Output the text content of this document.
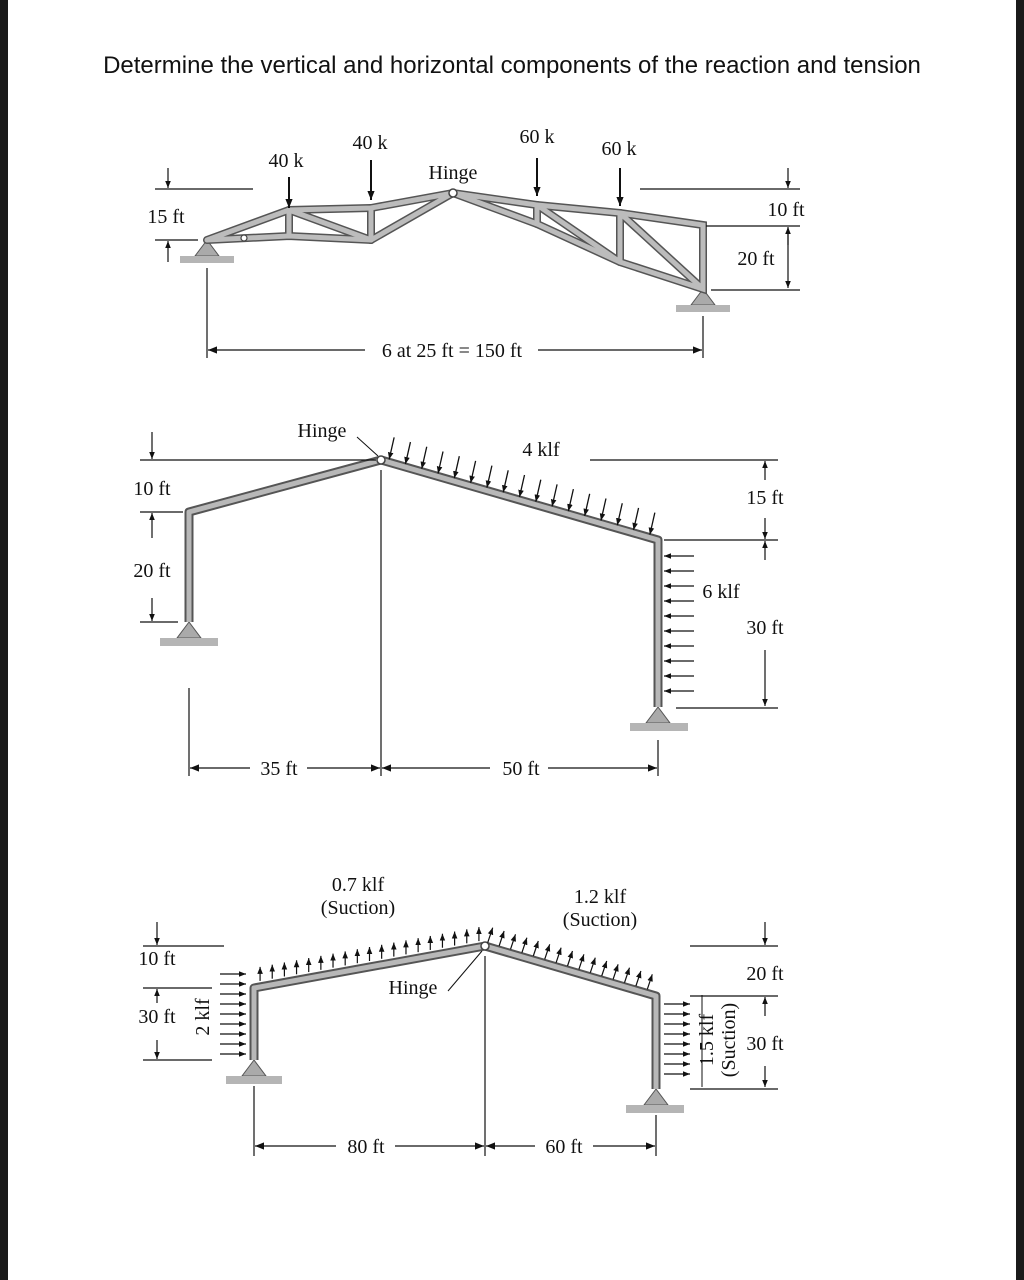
Determine the vertical and horizontal components of the reaction and tension
40 k
40 k	60 k
60 k
Hinge
15 ft	10 ft
20 ft
6 at 25 ft = 150 ft
Hinge
4 klf
6 klf
10 ft
20 ft
15 ft
30 ft
35 ft	50 ft
0.7 klf
(Suction)	1.2 klf
(Suction)
Hinge
2 klf	1.5 klf (Suction)
10 ft
30 ft
20 ft
30 ft
80 ft	60 ft
